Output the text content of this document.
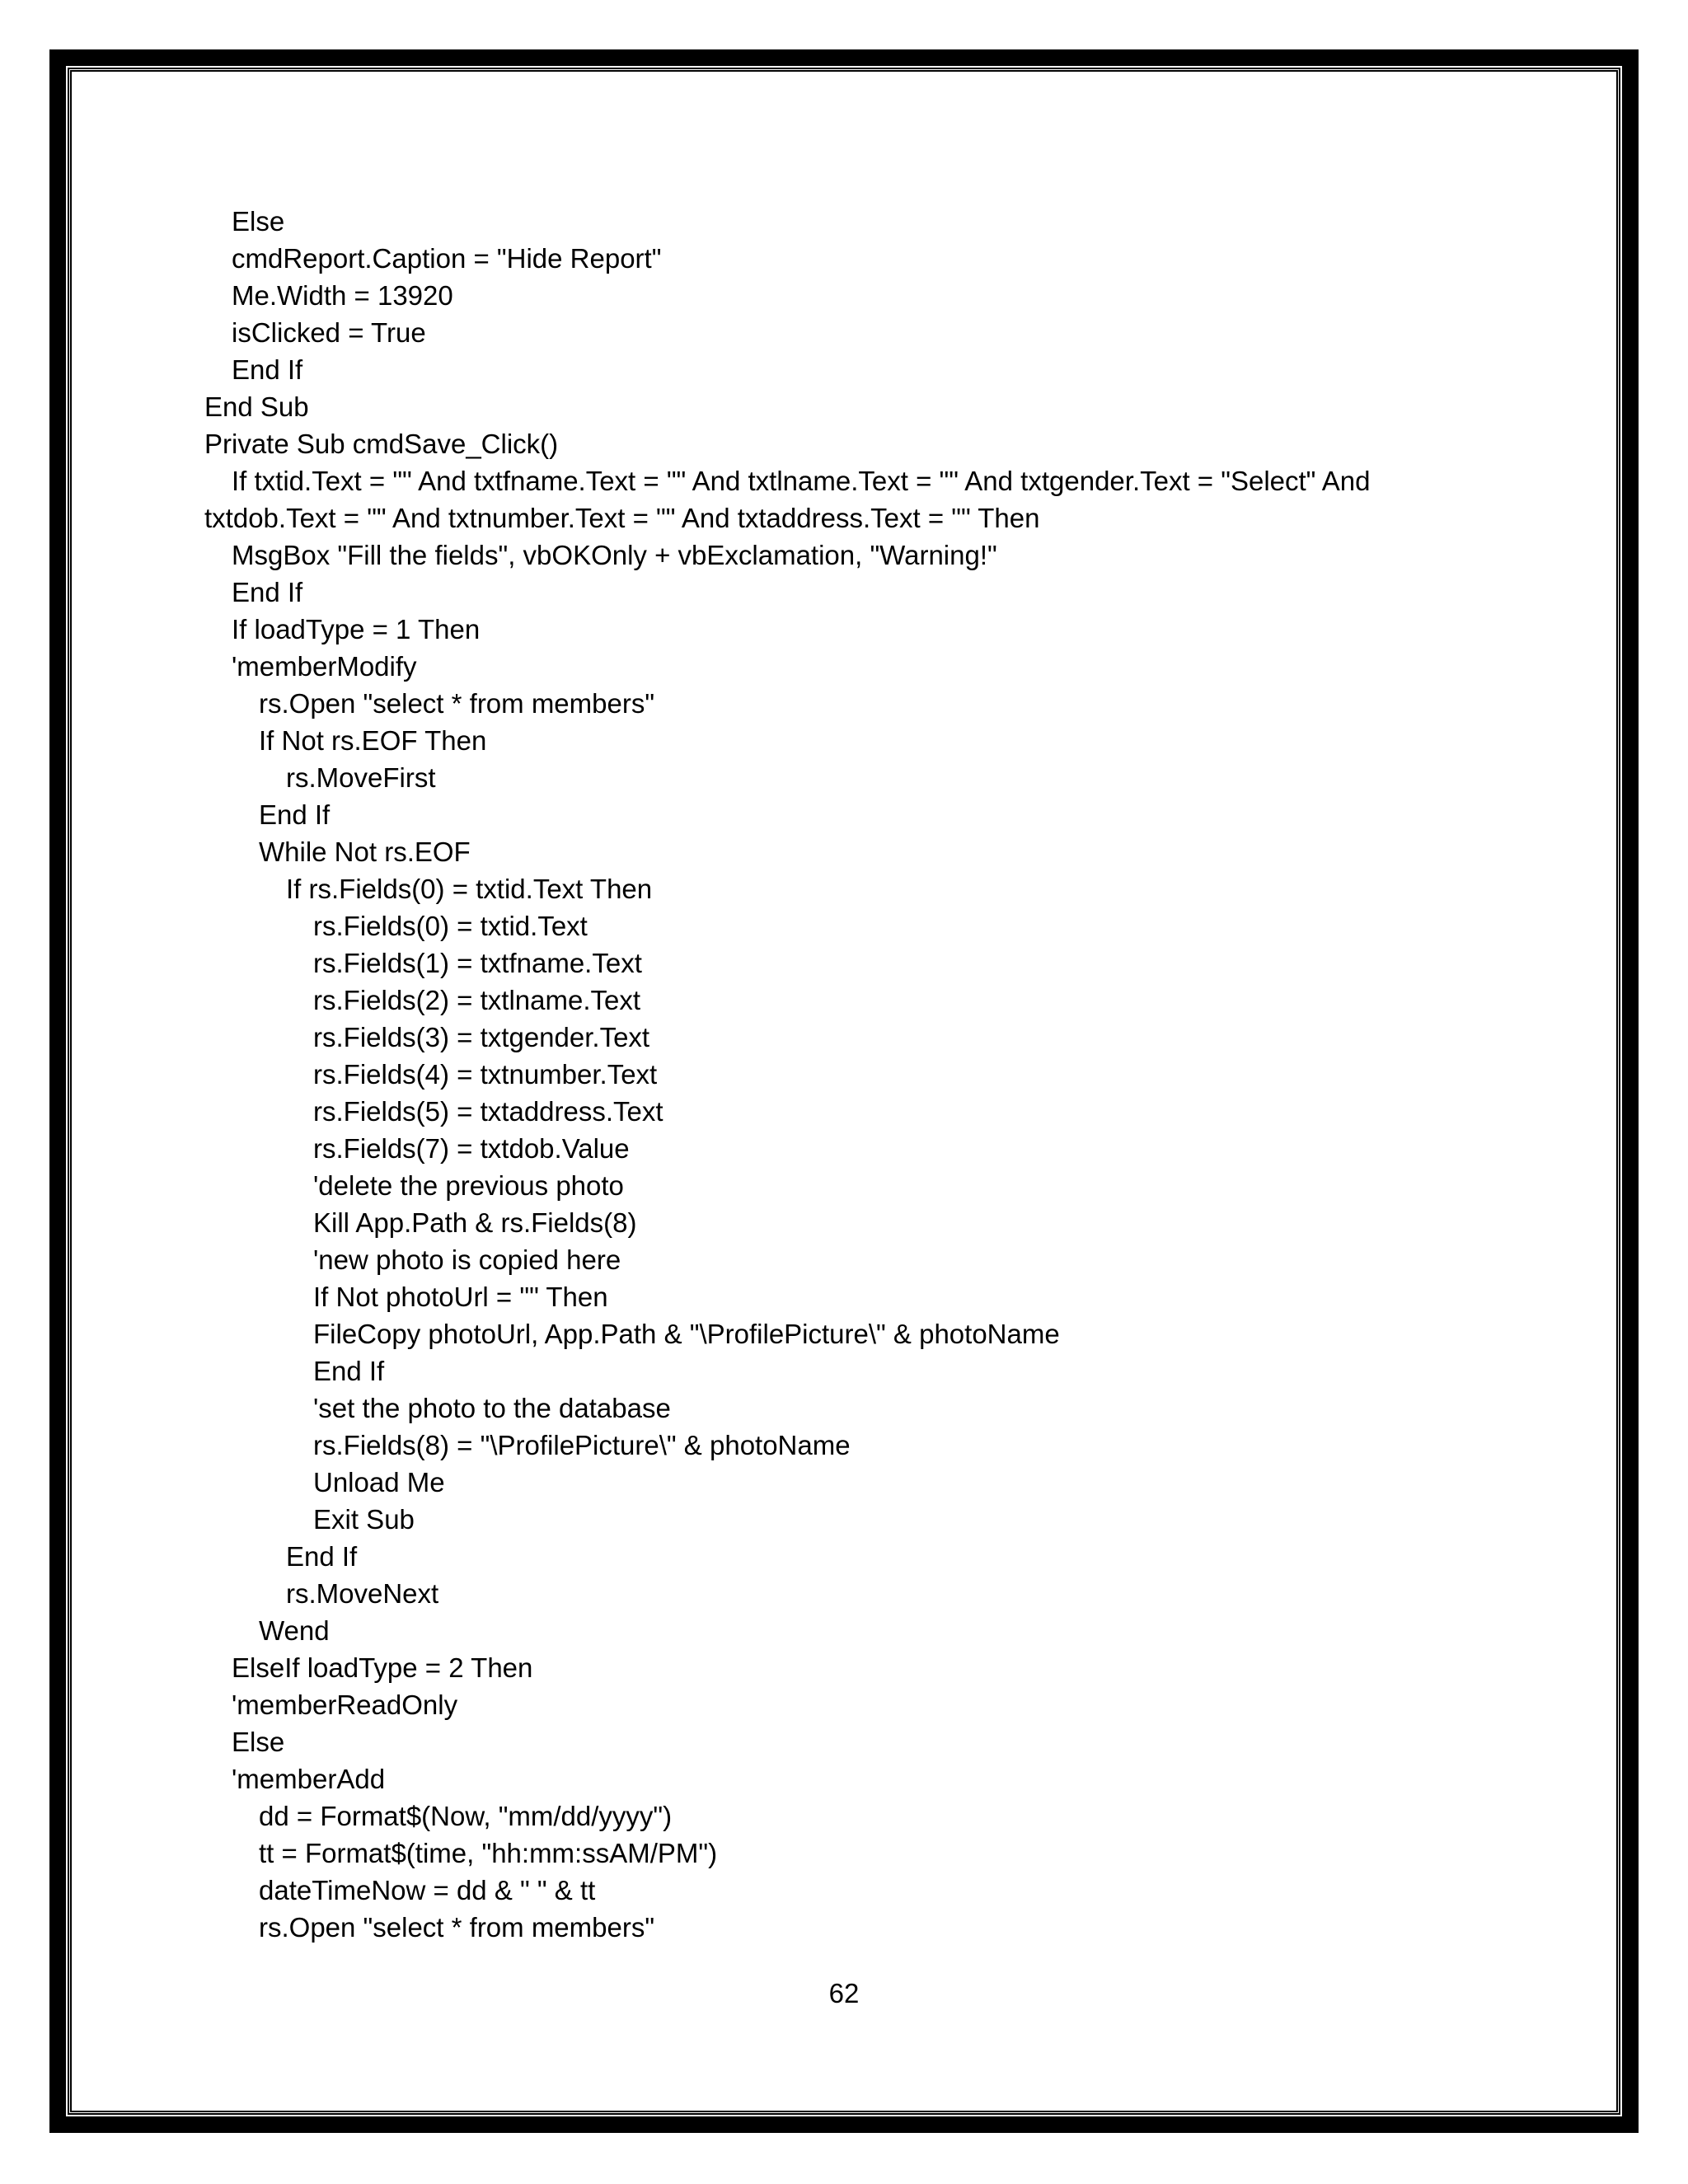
Else
cmdReport.Caption = "Hide Report"
Me.Width = 13920
isClicked = True
End If
End Sub
Private Sub cmdSave_Click()
If txtid.Text = "" And txtfname.Text = "" And txtlname.Text = "" And txtgender.Text = "Select" And
txtdob.Text = "" And txtnumber.Text = "" And txtaddress.Text = "" Then
MsgBox "Fill the fields", vbOKOnly + vbExclamation, "Warning!"
End If
If loadType = 1 Then
'memberModify
rs.Open "select * from members"
If Not rs.EOF Then
rs.MoveFirst
End If
While Not rs.EOF
If rs.Fields(0) = txtid.Text Then
rs.Fields(0) = txtid.Text
rs.Fields(1) = txtfname.Text
rs.Fields(2) = txtlname.Text
rs.Fields(3) = txtgender.Text
rs.Fields(4) = txtnumber.Text
rs.Fields(5) = txtaddress.Text
rs.Fields(7) = txtdob.Value
'delete the previous photo
Kill App.Path & rs.Fields(8)
'new photo is copied here
If Not photoUrl = "" Then
FileCopy photoUrl, App.Path & "\ProfilePicture\" & photoName
End If
'set the photo to the database
rs.Fields(8) = "\ProfilePicture\" & photoName
Unload Me
Exit Sub
End If
rs.MoveNext
Wend
ElseIf loadType = 2 Then
'memberReadOnly
Else
'memberAdd
dd = Format$(Now, "mm/dd/yyyy")
tt = Format$(time, "hh:mm:ssAM/PM")
dateTimeNow = dd & " " & tt
rs.Open "select * from members"
62
